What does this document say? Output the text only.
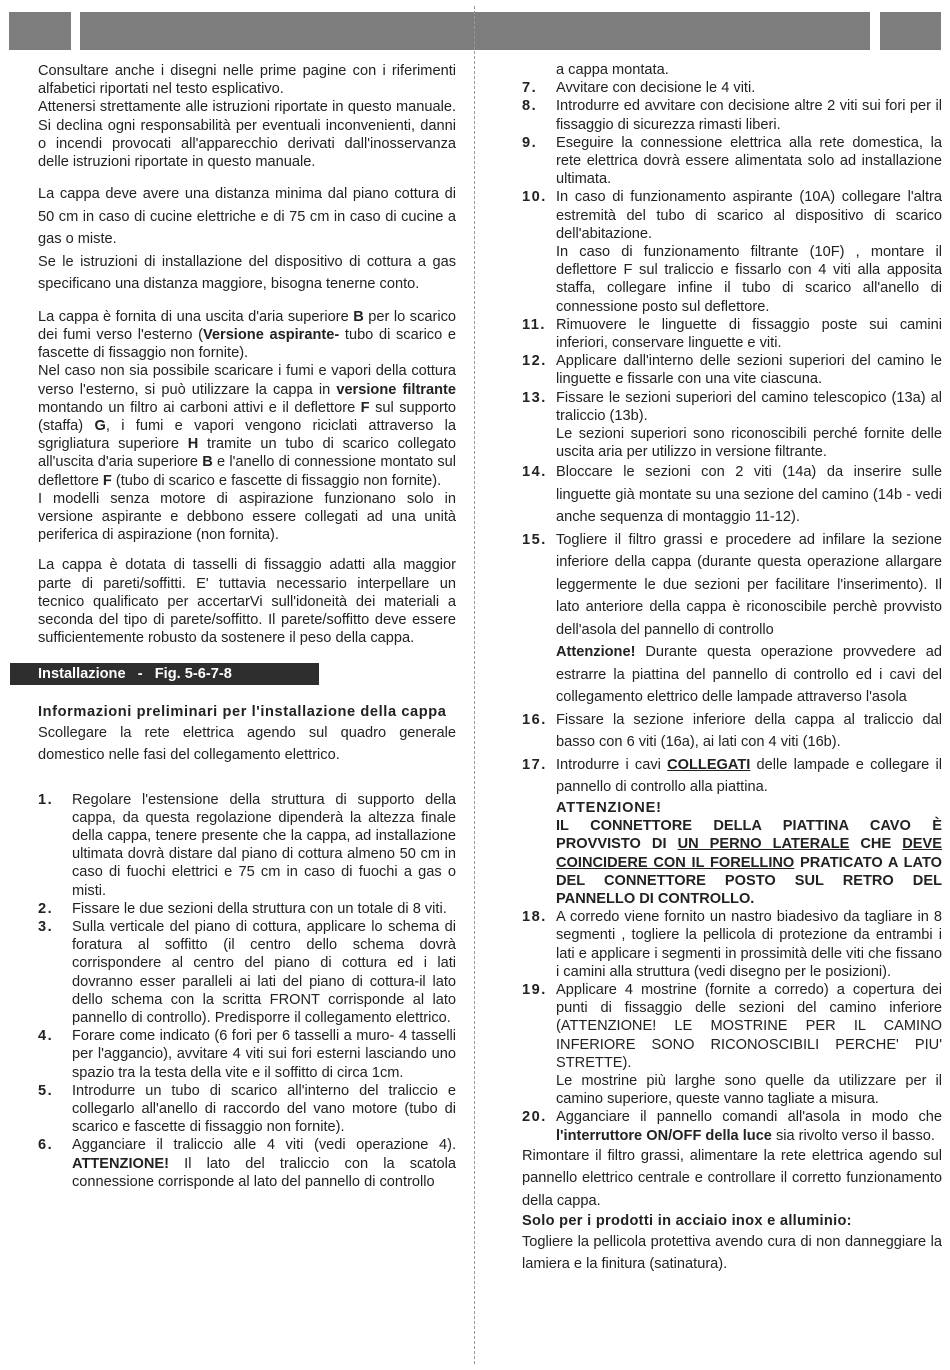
Consultare anche i disegni nelle prime pagine con i riferimenti alfabetici riportati nel testo esplicativo.

Attenersi strettamente alle istruzioni riportate in questo manuale. Si declina ogni responsabilità per eventuali inconvenienti, danni o incendi provocati all'apparecchio derivati dall'inosservanza delle istruzioni riportate in questo manuale.

La cappa deve avere una distanza minima dal piano cottura di 50 cm in caso di cucine elettriche e di 75 cm in caso di cucine a gas o miste.

Se le istruzioni di installazione del dispositivo di cottura a gas specificano una distanza maggiore, bisogna tenerne conto.

La cappa è fornita di una uscita d'aria superiore B per lo scarico dei fumi verso l'esterno (Versione aspirante- tubo di scarico e fascette di fissaggio non fornite).

Nel caso non sia possibile scaricare i fumi e vapori della cottura verso l'esterno, si può utilizzare la cappa in versione filtrante montando un filtro ai carboni attivi e il deflettore F sul supporto (staffa) G, i fumi e vapori vengono riciclati attraverso la sgrigliatura superiore H tramite un tubo di scarico collegato all'uscita d'aria superiore B e l'anello di connessione montato sul deflettore F (tubo di scarico e fascette di fissaggio non fornite).

I modelli senza motore di aspirazione funzionano solo in versione aspirante e debbono essere collegati ad una unità periferica di aspirazione (non fornita).

La cappa è dotata di tasselli di fissaggio adatti alla maggior parte di pareti/soffitti. E' tuttavia necessario interpellare un tecnico qualificato per accertarVi sull'idoneità dei materiali a seconda del tipo di parete/soffitto. Il parete/soffitto deve essere sufficientemente robusto da sostenere il peso della cappa.

Installazione   -   Fig. 5-6-7-8

Informazioni preliminari per l'installazione della cappa

Scollegare la rete elettrica agendo sul quadro generale domestico nelle fasi del collegamento elettrico.

1.	Regolare l'estensione della struttura di supporto della cappa, da questa regolazione dipenderà la altezza finale della cappa, tenere presente che la cappa, ad installazione ultimata dovrà distare dal piano di cottura almeno 50 cm in caso di fuochi elettrici e 75 cm in caso di fuochi a gas o misti.
2.	Fissare le due sezioni della struttura con un totale di 8 viti.
3.	Sulla verticale del piano di cottura, applicare lo schema di foratura al soffitto (il centro dello schema dovrà corrispondere al centro del piano di cottura ed i lati dovranno esser paralleli ai lati del piano di cottura-il lato dello schema con la scritta FRONT corrisponde al lato pannello di controllo). Predisporre il collegamento elettrico.
4.	Forare come indicato (6 fori per 6 tasselli a muro- 4 tasselli per l'aggancio), avvitare 4 viti sui fori esterni lasciando uno spazio tra la testa della vite e il soffitto di circa 1cm.
5.	Introdurre un tubo di scarico all'interno del traliccio e collegarlo all'anello di raccordo del vano motore (tubo di scarico e fascette di fissaggio non fornite).
6.	Agganciare il traliccio alle 4 viti (vedi operazione 4). ATTENZIONE! Il lato del traliccio con la scatola connessione corrisponde al lato del pannello di controllo

a cappa montata.

7.	Avvitare con decisione le 4 viti.
8.	Introdurre ed avvitare con decisione altre 2 viti sui fori per il fissaggio di sicurezza rimasti liberi.
9.	Eseguire la connessione elettrica alla rete domestica, la rete elettrica dovrà essere alimentata solo ad installazione ultimata.
10. In caso di funzionamento aspirante (10A) collegare l'altra estremità del tubo di scarico al dispositivo di scarico dell'abitazione.
In caso di funzionamento filtrante (10F) , montare il deflettore F sul traliccio e fissarlo con 4 viti alla apposita staffa, collegare infine il tubo di scarico all'anello di connessione posto sul deflettore.
11. Rimuovere le linguette di fissaggio poste sui camini inferiori, conservare linguette e viti.
12. Applicare dall'interno delle sezioni superiori del camino le linguette e fissarle con una vite ciascuna.
13. Fissare le sezioni superiori del camino telescopico (13a) al traliccio (13b).
Le sezioni superiori sono riconoscibili perché fornite delle uscita aria per utilizzo in versione filtrante.
14. Bloccare le sezioni con 2 viti (14a) da inserire sulle linguette già montate su una sezione del camino (14b - vedi anche sequenza di montaggio 11-12).
15. Togliere il filtro grassi e procedere ad infilare la sezione inferiore della cappa (durante questa operazione allargare leggermente le due sezioni per facilitare l'inserimento). Il lato anteriore della cappa è riconoscibile perchè provvisto dell'asola del pannello di controllo
Attenzione! Durante questa operazione provvedere ad estrarre la piattina del pannello di controllo ed i cavi del collegamento elettrico delle lampade attraverso l'asola
16. Fissare la sezione inferiore della cappa al traliccio dal basso con 6 viti (16a), ai lati con 4 viti (16b).
17. Introdurre i cavi COLLEGATI delle lampade e collegare il pannello di controllo alla piattina.

ATTENZIONE!

IL CONNETTORE DELLA PIATTINA CAVO È PROVVISTO DI UN PERNO LATERALE CHE DEVE COINCIDERE CON IL FORELLINO PRATICATO A LATO DEL CONNETTORE POSTO SUL RETRO DEL PANNELLO DI CONTROLLO.

18. A corredo viene fornito un nastro biadesivo da tagliare in 8 segmenti , togliere la pellicola di protezione da entrambi i lati e applicare i segmenti in prossimità delle viti che fissano i camini alla struttura (vedi disegno per le posizioni).
19. Applicare 4 mostrine (fornite a corredo) a copertura dei punti di fissaggio delle sezioni del camino inferiore (ATTENZIONE! LE MOSTRINE PER IL CAMINO INFERIORE SONO RICONOSCIBILI PERCHE' PIU' STRETTE).
Le mostrine più larghe sono quelle da utilizzare per il camino superiore, queste vanno tagliate a misura.
20. Agganciare il pannello comandi all'asola in modo che l'interruttore ON/OFF della luce sia rivolto verso il basso.

Rimontare il filtro grassi, alimentare la rete elettrica agendo sul pannello elettrico centrale e controllare il corretto funzionamento della cappa.

Solo per i prodotti in acciaio inox e alluminio:

Togliere la pellicola protettiva avendo cura di non danneggiare la lamiera e la finitura (satinatura).
